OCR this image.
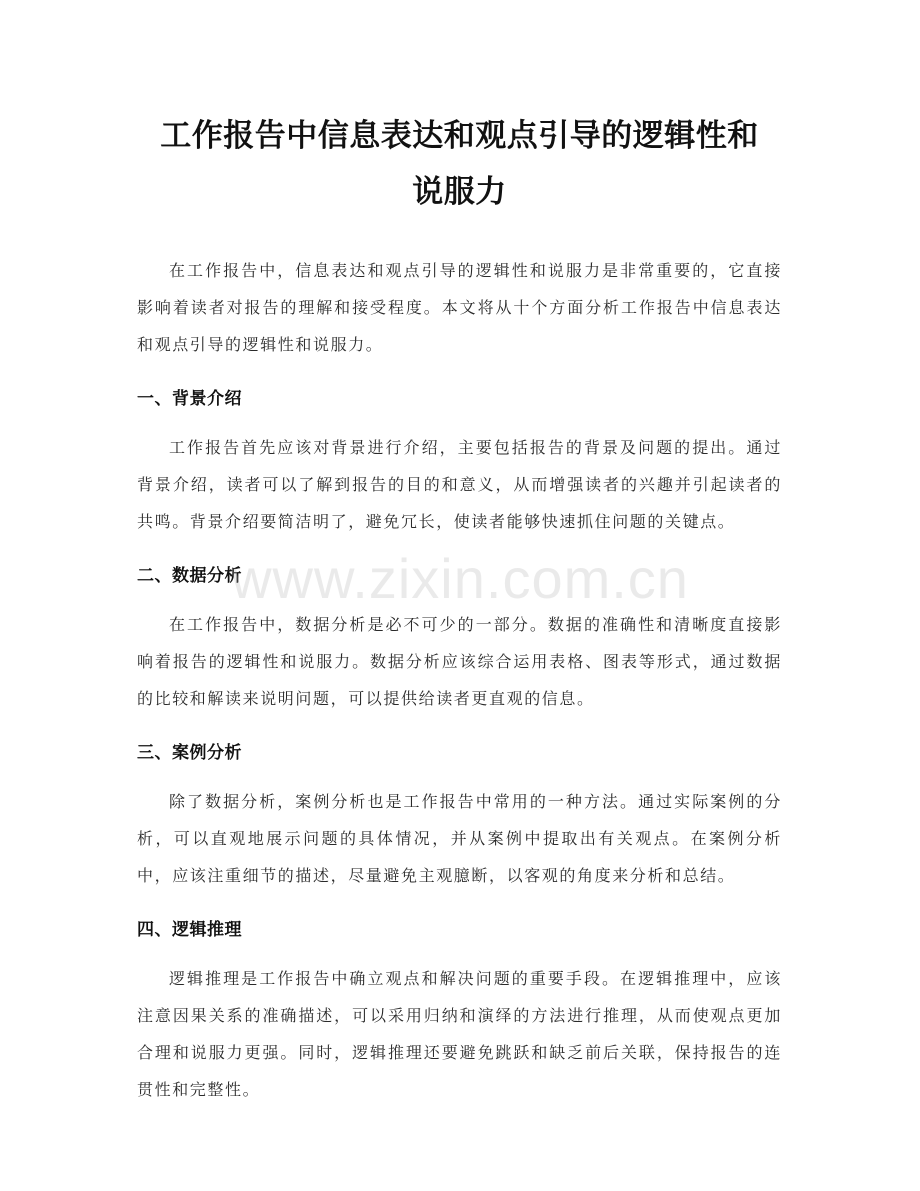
工作报告中信息表达和观点引导的逻辑性和
说服力

在工作报告中，信息表达和观点引导的逻辑性和说服力是非常重要的，它直接影响着读者对报告的理解和接受程度。本文将从十个方面分析工作报告中信息表达和观点引导的逻辑性和说服力。

一、背景介绍

工作报告首先应该对背景进行介绍，主要包括报告的背景及问题的提出。通过背景介绍，读者可以了解到报告的目的和意义，从而增强读者的兴趣并引起读者的共鸣。背景介绍要简洁明了，避免冗长，使读者能够快速抓住问题的关键点。

二、数据分析

在工作报告中，数据分析是必不可少的一部分。数据的准确性和清晰度直接影响着报告的逻辑性和说服力。数据分析应该综合运用表格、图表等形式，通过数据的比较和解读来说明问题，可以提供给读者更直观的信息。

三、案例分析

除了数据分析，案例分析也是工作报告中常用的一种方法。通过实际案例的分析，可以直观地展示问题的具体情况，并从案例中提取出有关观点。在案例分析中，应该注重细节的描述，尽量避免主观臆断，以客观的角度来分析和总结。

四、逻辑推理

逻辑推理是工作报告中确立观点和解决问题的重要手段。在逻辑推理中，应该注意因果关系的准确描述，可以采用归纳和演绎的方法进行推理，从而使观点更加合理和说服力更强。同时，逻辑推理还要避免跳跃和缺乏前后关联，保持报告的连贯性和完整性。

www.zixin.com.cn
